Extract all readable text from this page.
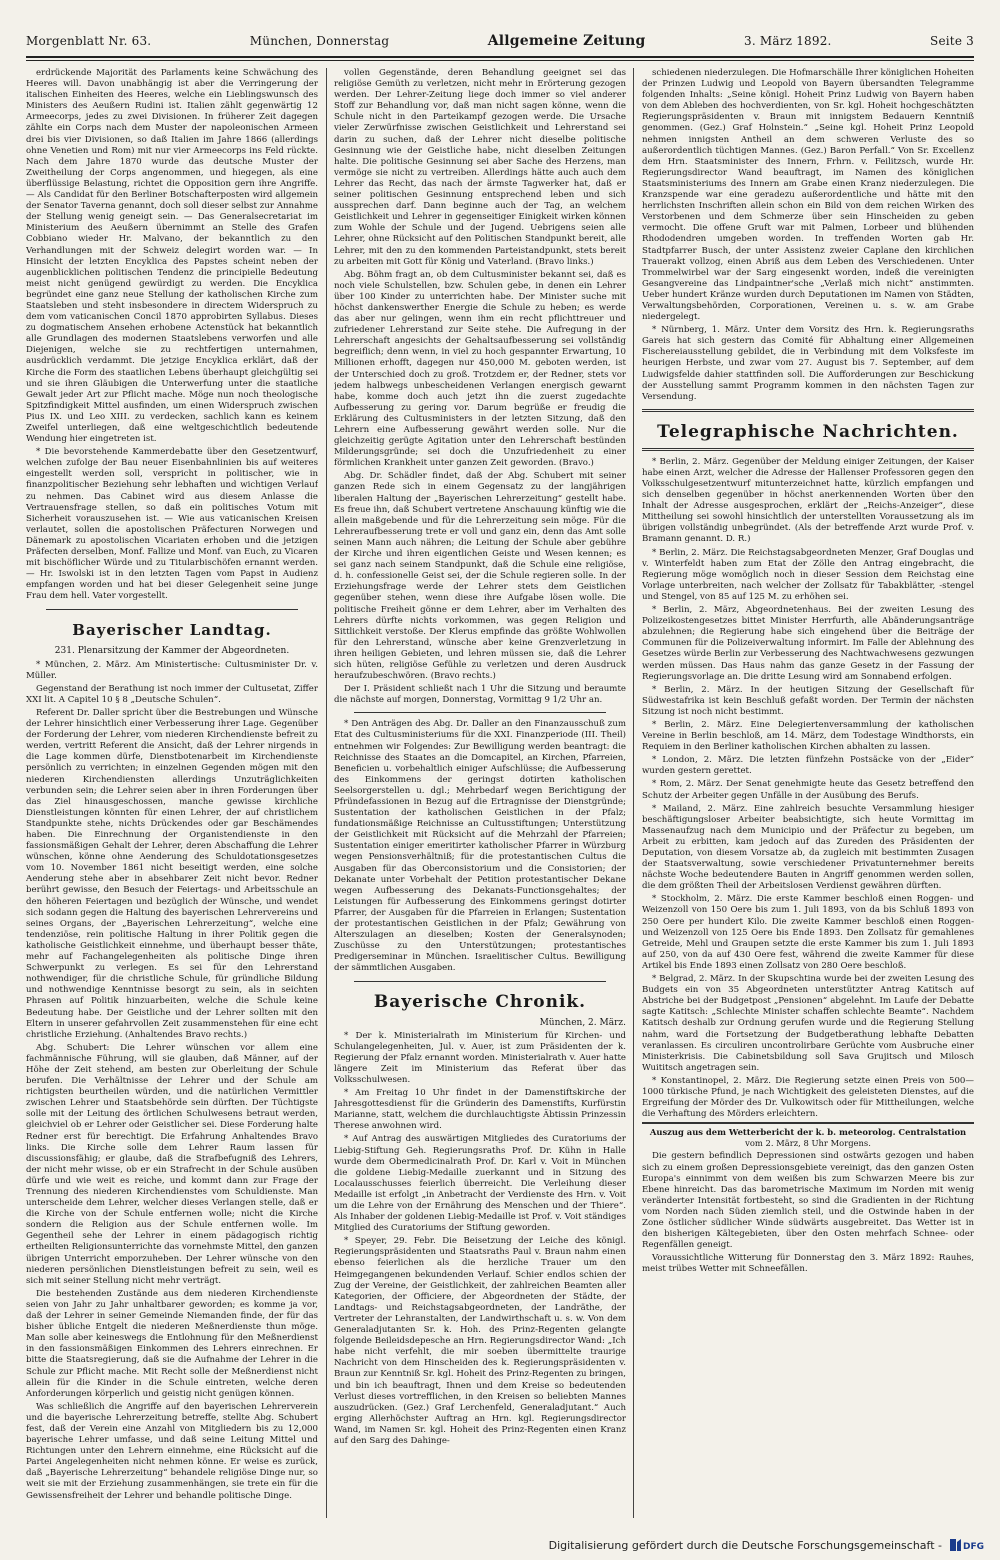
Morgenblatt Nr. 63.	München, Donnerstag	Allgemeine Zeitung	3. März 1892.	Seite 3

erdrückende Majorität des Parlaments keine Schwächung des Heeres will. Davon unabhängig ist aber die Verringerung der italischen Einheiten des Heeres, welche ein Lieblingswunsch des Ministers des Aeußern Rudini ist. Italien zählt gegenwärtig 12 Armeecorps, jedes zu zwei Divisionen. In früherer Zeit dagegen zählte ein Corps nach dem Muster der napoleonischen Armeen drei bis vier Divisionen, so daß Italien im Jahre 1866 (allerdings ohne Venetien und Rom) mit nur vier Armeecorps ins Feld rückte. Nach dem Jahre 1870 wurde das deutsche Muster der Zweitheilung der Corps angenommen, und hiegegen, als eine überflüssige Belastung, richtet die Opposition gern ihre Angriffe. — Als Candidat für den Berliner Botschafterposten wird allgemein der Senator Taverna genannt, doch soll dieser selbst zur Annahme der Stellung wenig geneigt sein. — Das Generalsecretariat im Ministerium des Aeußern übernimmt an Stelle des Grafen Cobbiano wieder Hr. Malvano, der bekanntlich zu den Verhandlungen mit der Schweiz delegirt worden war. — In Hinsicht der letzten Encyklica des Papstes scheint neben der augenblicklichen politischen Tendenz die principielle Bedeutung meist nicht genügend gewürdigt zu werden. Die Encyklica begründet eine ganz neue Stellung der katholischen Kirche zum Staatsleben und steht insbesondere in directem Widerspruch zu dem vom vaticanischen Concil 1870 approbirten Syllabus. Dieses zu dogmatischem Ansehen erhobene Actenstück hat bekanntlich alle Grundlagen des modernen Staatslebens verworfen und alle Diejenigen, welche sie zu rechtfertigen unternahmen, ausdrücklich verdammt. Die jetzige Encyklica erklärt, daß der Kirche die Form des staatlichen Lebens überhaupt gleichgültig sei und sie ihren Gläubigen die Unterwerfung unter die staatliche Gewalt jeder Art zur Pflicht mache. Möge nun noch theologische Spitzfindigkeit Mittel ausfinden, um einen Widerspruch zwischen Pius IX. und Leo XIII. zu verdecken, sachlich kann es keinem Zweifel unterliegen, daß eine weltgeschichtlich bedeutende Wendung hier eingetreten ist.

* Die bevorstehende Kammerdebatte über den Gesetzentwurf, welchen zufolge der Bau neuer Eisenbahnlinien bis auf weiteres eingestellt werden soll, verspricht in politischer, wie in finanzpolitischer Beziehung sehr lebhaften und wichtigen Verlauf zu nehmen. Das Cabinet wird aus diesem Anlasse die Vertrauensfrage stellen, so daß ein politisches Votum mit Sicherheit vorauszusehen ist. — Wie aus vaticanischen Kreisen verlautet, sollen die apostolischen Präfecturen Norwegen und Dänemark zu apostolischen Vicariaten erhoben und die jetzigen Präfecten derselben, Monf. Fallize und Monf. van Euch, zu Vicaren mit bischöflicher Würde und zu Titularbischöfen ernannt werden. — Hr. Iswolski ist in den letzten Tagen vom Papst in Audienz empfangen worden und hat bei dieser Gelegenheit seine junge Frau dem hell. Vater vorgestellt.

Bayerischer Landtag.
231. Plenarsitzung der Kammer der Abgeordneten.

* München, 2. März. Am Ministertische: Cultusminister Dr. v. Müller.

Gegenstand der Berathung ist noch immer der Cultusetat, Ziffer XXI lit. A Capitel 10 § 8 „Deutsche Schulen“.

Referent Dr. Daller spricht über die Bestrebungen und Wünsche der Lehrer hinsichtlich einer Verbesserung ihrer Lage. Gegenüber der Forderung der Lehrer, vom niederen Kirchendienste befreit zu werden, vertritt Referent die Ansicht, daß der Lehrer nirgends in die Lage kommen dürfe, Dienstbotenarbeit im Kirchendienste persönlich zu verrichten; in einzelnen Gegenden mögen mit den niederen Kirchendiensten allerdings Unzuträglichkeiten verbunden sein; die Lehrer seien aber in ihren Forderungen über das Ziel hinausgeschossen, manche gewisse kirchliche Dienstleistungen könnten für einen Lehrer, der auf christlichem Standpunkte stehe, nichts Drückendes oder gar Beschämendes haben. Die Einrechnung der Organistendienste in den fassionsmäßigen Gehalt der Lehrer, deren Abschaffung die Lehrer wünschen, könne ohne Aenderung des Schuldotationsgesetzes vom 10. November 1861 nicht beseitigt werden, eine solche Aenderung stehe aber in absehbarer Zeit nicht bevor. Redner berührt gewisse, den Besuch der Feiertags- und Arbeitsschule an den höheren Feiertagen und bezüglich der Wünsche, und wendet sich sodann gegen die Haltung des bayerischen Lehrervereins und seines Organs, der „Bayerischen Lehrerzeitung“, welche eine tendenziöse, rein politische Haltung in ihrer Politik gegen die katholische Geistlichkeit einnehme, und überhaupt besser thäte, mehr auf Fachangelegenheiten als politische Dinge ihren Schwerpunkt zu verlegen. Es sei für den Lehrerstand nothwendiger, für die christliche Schule, für gründliche Bildung und nothwendige Kenntnisse besorgt zu sein, als in seichten Phrasen auf Politik hinzuarbeiten, welche die Schule keine Bedeutung habe. Der Geistliche und der Lehrer sollten mit den Eltern in unserer gefahrvollen Zeit zusammenstehen für eine echt christliche Erziehung. (Anhaltendes Bravo rechts.)

Abg. Schubert: Die Lehrer wünschen vor allem eine fachmännische Führung, will sie glauben, daß Männer, auf der Höhe der Zeit stehend, am besten zur Oberleitung der Schule berufen. Die Verhältnisse der Lehrer und der Schule am richtigsten beurtheilen würden, und die natürlichen Vermittler zwischen Lehrer und Staatsbehörde sein dürften. Der Tüchtigste solle mit der Leitung des örtlichen Schulwesens betraut werden, gleichviel ob er Lehrer oder Geistlicher sei. Diese Forderung halte Redner erst für berechtigt. Die Erfahrung Anhaltendes Bravo links. Die Kirche solle dem Lehrer Raum lassen für discussionsfähig; er glaube, daß die Strafbefugniß des Lehrers, der nicht mehr wisse, ob er ein Strafrecht in der Schule ausüben dürfe und wie weit es reiche, und kommt dann zur Frage der Trennung des niederen Kirchendienstes vom Schuldienste. Man unterscheide dem Lehrer, welcher dieses Verlangen stelle, daß er die Kirche von der Schule entfernen wolle; nicht die Kirche sondern die Religion aus der Schule entfernen wolle. Im Gegentheil sehe der Lehrer in einem pädagogisch richtig ertheilten Religionsunterrichte das vornehmste Mittel, den ganzen übrigen Unterricht emporzuheben. Der Lehrer wünsche von den niederen persönlichen Dienstleistungen befreit zu sein, weil es sich mit seiner Stellung nicht mehr verträgt.

Die bestehenden Zustände aus dem niederen Kirchendienste seien von Jahr zu Jahr unhaltbarer geworden; es komme ja vor, daß der Lehrer in seiner Gemeinde Niemanden finde, der für das bisher übliche Entgelt die niederen Meßnerdienste thun möge. Man solle aber keineswegs die Entlohnung für den Meßnerdienst in den fassionsmäßigen Einkommen des Lehrers einrechnen. Er bitte die Staatsregierung, daß sie die Aufnahme der Lehrer in die Schule zur Pflicht mache. Mit Recht solle der Meßnerdienst nicht allein für die Kinder in die Schule eintreten, welche deren Anforderungen körperlich und geistig nicht genügen können.

Was schließlich die Angriffe auf den bayerischen Lehrerverein und die bayerische Lehrerzeitung betreffe, stellte Abg. Schubert fest, daß der Verein eine Anzahl von Mitgliedern bis zu 12,000 bayerische Lehrer umfasse, und daß seine Leitung Mittel und Richtungen unter den Lehrern einnehme, eine Rücksicht auf die Partei Angelegenheiten nicht nehmen könne. Er weise es zurück, daß „Bayerische Lehrerzeitung“ behandele religiöse Dinge nur, so weit sie mit der Erziehung zusammenhängen, sie trete ein für die Gewissensfreiheit der Lehrer und behandle politische Dinge.

vollen Gegenstände, deren Behandlung geeignet sei das religiöse Gemüth zu verletzen, nicht mehr in Erörterung gezogen werden. Der Lehrer-Zeitung liege doch immer so viel anderer Stoff zur Behandlung vor, daß man nicht sagen könne, wenn die Schule nicht in den Parteikampf gezogen werde. Die Ursache vieler Zerwürfnisse zwischen Geistlichkeit und Lehrerstand sei darin zu suchen, daß der Lehrer nicht dieselbe politische Gesinnung wie der Geistliche habe, nicht dieselben Zeitungen halte. Die politische Gesinnung sei aber Sache des Herzens, man vermöge sie nicht zu vertreiben. Allerdings hätte auch auch dem Lehrer das Recht, das nach der ärmste Tagwerker hat, daß er seiner politischen Gesinnung entsprechend leben und sich aussprechen darf. Dann beginne auch der Tag, an welchem Geistlichkeit und Lehrer in gegenseitiger Einigkeit wirken können zum Wohle der Schule und der Jugend. Uebrigens seien alle Lehrer, ohne Rücksicht auf den Politischen Standpunkt bereit, alle Lehrer, mit den zu den kommenden Parteistandpunkt, stets bereit zu arbeiten mit Gott für König und Vaterland. (Bravo links.)

Abg. Böhm fragt an, ob dem Cultusminister bekannt sei, daß es noch viele Schulstellen, bzw. Schulen gebe, in denen ein Lehrer über 100 Kinder zu unterrichten habe. Der Minister suche mit höchst dankenswerther Energie die Schule zu heben; es werde das aber nur gelingen, wenn ihm ein recht pflichttreuer und zufriedener Lehrerstand zur Seite stehe. Die Aufregung in der Lehrerschaft angesichts der Gehaltsaufbesserung sei vollständig begreiflich; denn wenn, in viel zu hoch gespannter Erwartung, 10 Millionen erhofft, dagegen nur 450,000 M. geboten werden, ist der Unterschied doch zu groß. Trotzdem er, der Redner, stets vor jedem halbwegs unbescheidenen Verlangen energisch gewarnt habe, komme doch auch jetzt ihn die zuerst zugedachte Aufbesserung zu gering vor. Darum begrüße er freudig die Erklärung des Cultusministers in der letzten Sitzung, daß den Lehrern eine Aufbesserung gewährt werden solle. Nur die gleichzeitig gerügte Agitation unter den Lehrerschaft bestünden Milderungsgründe; sei doch die Unzufriedenheit zu einer förmlichen Krankheit unter ganzen Zeit geworden. (Bravo.)

Abg. Dr. Schädler findet, daß der Abg. Schubert mit seiner ganzen Rede sich in einem Gegensatz zu der langjährigen liberalen Haltung der „Bayerischen Lehrerzeitung“ gestellt habe. Es freue ihn, daß Schubert vertretene Anschauung künftig wie die allein maßgebende und für die Lehrerzeitung sein möge. Für die Lehreraufbesserung trete er voll und ganz ein, denn das Amt solle seinen Mann auch nähren; die Leitung der Schule aber gebühre der Kirche und ihren eigentlichen Geiste und Wesen kennen; es sei ganz nach seinem Standpunkt, daß die Schule eine religiöse, d. h. confessionelle Geist sei, der die Schule regieren solle. In der Erziehungsfrage werde der Lehrer stets dem Geistlichen gegenüber stehen, wenn diese ihre Aufgabe lösen wolle. Die politische Freiheit gönne er dem Lehrer, aber im Verhalten des Lehrers dürfte nichts vorkommen, was gegen Religion und Sittlichkeit verstoße. Der Klerus empfinde das größte Wohlwollen für den Lehrerstand, wünsche aber keine Grenzverletzung in ihren heiligen Gebieten, und lehren müssen sie, daß die Lehrer sich hüten, religiöse Gefühle zu verletzen und deren Ausdruck heraufzubeschwören. (Bravo rechts.)

Der I. Präsident schließt nach 1 Uhr die Sitzung und beraumte die nächste auf morgen, Donnerstag, Vormittag 9 1/2 Uhr an.

* Den Anträgen des Abg. Dr. Daller an den Finanzausschuß zum Etat des Cultusministeriums für die XXI. Finanzperiode (III. Theil) entnehmen wir Folgendes: Zur Bewilligung werden beantragt: die Reichnisse des Staates an die Domcapitel, an Kirchen, Pfarreien, Beneficien u. vorbehaltlich einiger Aufschlüsse; die Aufbesserung des Einkommens der geringst dotirten katholischen Seelsorgerstellen u. dgl.; Mehrbedarf wegen Berichtigung der Pfründefassionen in Bezug auf die Ertragnisse der Dienstgründe; Sustentation der katholischen Geistlichen in der Pfalz; fundationsmäßige Reichnisse an Cultusstiftungen; Unterstützung der Geistlichkeit mit Rücksicht auf die Mehrzahl der Pfarreien; Sustentation einiger emeritirter katholischer Pfarrer in Würzburg wegen Pensionsverhältniß; für die protestantischen Cultus die Ausgaben für das Oberconsistorium und die Consistorien; der Dekanate unter Vorbehalt der Petition protestantischer Dekane wegen Aufbesserung des Dekanats-Functionsgehaltes; der Leistungen für Aufbesserung des Einkommens geringst dotirter Pfarrer, der Ausgaben für die Pfarreien in Erlangen; Sustentation der protestantischen Geistlichen in der Pfalz; Gewährung von Alterszulagen an dieselben; Kosten der Generalsynoden; Zuschüsse zu den Unterstützungen; protestantisches Predigerseminar in München. Israelitischer Cultus. Bewilligung der sämmtlichen Ausgaben.

Bayerische Chronik.
München, 2. März.

* Der k. Ministerialrath im Ministerium für Kirchen- und Schulangelegenheiten, Jul. v. Auer, ist zum Präsidenten der k. Regierung der Pfalz ernannt worden. Ministerialrath v. Auer hatte längere Zeit im Ministerium das Referat über das Volksschulwesen.

* Am Freitag 10 Uhr findet in der Damenstiftskirche der Jahresgottesdienst für die Gründerin des Damenstifts, Kurfürstin Marianne, statt, welchem die durchlauchtigste Äbtissin Prinzessin Therese anwohnen wird.

* Auf Antrag des auswärtigen Mitgliedes des Curatoriums der Liebig-Stiftung Geh. Regierungsraths Prof. Dr. Kühn in Halle wurde dem Obermedicinalrath Prof. Dr. Karl v. Voit in München die goldene Liebig-Medaille zuerkannt und in Sitzung des Localausschusses feierlich überreicht. Die Verleihung dieser Medaille ist erfolgt „in Anbetracht der Verdienste des Hrn. v. Voit um die Lehre von der Ernährung des Menschen und der Thiere“. Als Inhaber der goldenen Liebig-Medaille ist Prof. v. Voit ständiges Mitglied des Curatoriums der Stiftung geworden.

* Speyer, 29. Febr. Die Beisetzung der Leiche des königl. Regierungspräsidenten und Staatsraths Paul v. Braun nahm einen ebenso feierlichen als die herzliche Trauer um den Heimgegangenen bekundenden Verlauf. Schier endlos schien der Zug der Vereine, der Geistlichkeit, der zahlreichen Beamten aller Kategorien, der Officiere, der Abgeordneten der Städte, der Landtags- und Reichstagsabgeordneten, der Landräthe, der Vertreter der Lehranstalten, der Landwirthschaft u. s. w. Von dem Generaladjutanten Sr. k. Hoh. des Prinz-Regenten gelangte folgende Beileidsdepesche an Hrn. Regierungsdirector Wand: „Ich habe nicht verfehlt, die mir soeben übermittelte traurige Nachricht von dem Hinscheiden des k. Regierungspräsidenten v. Braun zur Kenntniß Sr. kgl. Hoheit des Prinz-Regenten zu bringen, und bin ich beauftragt, Ihnen und dem Kreise so bedeutenden Verlust dieses vortrefflichen, in den Kreisen so beliebten Mannes auszudrücken. (Gez.) Graf Lerchenfeld, Generaladjutant.“ Auch erging Allerhöchster Auftrag an Hrn. kgl. Regierungsdirector Wand, im Namen Sr. kgl. Hoheit des Prinz-Regenten einen Kranz auf den Sarg des Dahinge-

schiedenen niederzulegen. Die Hofmarschälle Ihrer königlichen Hoheiten der Prinzen Ludwig und Leopold von Bayern übersandten Telegramme folgenden Inhalts: „Seine königl. Hoheit Prinz Ludwig von Bayern haben von dem Ableben des hochverdienten, von Sr. kgl. Hoheit hochgeschätzten Regierungspräsidenten v. Braun mit innigstem Bedauern Kenntniß genommen. (Gez.) Graf Holnstein.“ „Seine kgl. Hoheit Prinz Leopold nehmen innigsten Antheil an dem schweren Verluste des so außerordentlich tüchtigen Mannes. (Gez.) Baron Perfall.“ Von Sr. Excellenz dem Hrn. Staatsminister des Innern, Frhrn. v. Feilitzsch, wurde Hr. Regierungsdirector Wand beauftragt, im Namen des königlichen Staatsministeriums des Innern am Grabe einen Kranz niederzulegen. Die Kranzspende war eine geradezu außerordentliche und hätte mit den herrlichsten Inschriften allein schon ein Bild von dem reichen Wirken des Verstorbenen und dem Schmerze über sein Hinscheiden zu geben vermocht. Die offene Gruft war mit Palmen, Lorbeer und blühenden Rhododendren umgeben worden. In treffenden Worten gab Hr. Stadtpfarrer Busch, der unter Assistenz zweier Caplane den kirchlichen Trauerakt vollzog, einen Abriß aus dem Leben des Verschiedenen. Unter Trommelwirbel war der Sarg eingesenkt worden, indeß die vereinigten Gesangvereine das Lindpaintner'sche „Verlaß mich nicht“ anstimmten. Ueber hundert Kränze wurden durch Deputationen im Namen von Städten, Verwaltungsbehörden, Corporationen, Vereinen u. s. w. am Grabe niedergelegt.

* Nürnberg, 1. März. Unter dem Vorsitz des Hrn. k. Regierungsraths Gareis hat sich gestern das Comité für Abhaltung einer Allgemeinen Fischereiausstellung gebildet, die in Verbindung mit dem Volksfeste im heurigen Herbste, und zwar vom 27. August bis 7. September, auf dem Ludwigsfelde dahier stattfinden soll. Die Aufforderungen zur Beschickung der Ausstellung sammt Programm kommen in den nächsten Tagen zur Versendung.

Telegraphische Nachrichten.

* Berlin, 2. März. Gegenüber der Meldung einiger Zeitungen, der Kaiser habe einen Arzt, welcher die Adresse der Hallenser Professoren gegen den Volksschulgesetzentwurf mitunterzeichnet hatte, kürzlich empfangen und sich denselben gegenüber in höchst anerkennenden Worten über den Inhalt der Adresse ausgesprochen, erklärt der „Reichs-Anzeiger“, diese Mittheilung sei sowohl hinsichtlich der unterstellten Voraussetzung als im übrigen vollständig unbegründet. (Als der betreffende Arzt wurde Prof. v. Bramann genannt. D. R.)

* Berlin, 2. März. Die Reichstagsabgeordneten Menzer, Graf Douglas und v. Winterfeldt haben zum Etat der Zölle den Antrag eingebracht, die Regierung möge womöglich noch in dieser Session dem Reichstag eine Vorlage unterbreiten, nach welcher der Zollsatz für Tabakblätter, -stengel und Stengel, von 85 auf 125 M. zu erhöhen sei.

* Berlin, 2. März, Abgeordnetenhaus. Bei der zweiten Lesung des Polizeikostengesetzes bittet Minister Herrfurth, alle Abänderungsanträge abzulehnen; die Regierung habe sich eingehend über die Beiträge der Communen für die Polizeiverwaltung informirt. Im Falle der Ablehnung des Gesetzes würde Berlin zur Verbesserung des Nachtwachwesens gezwungen werden müssen. Das Haus nahm das ganze Gesetz in der Fassung der Regierungsvorlage an. Die dritte Lesung wird am Sonnabend erfolgen.

* Berlin, 2. März. In der heutigen Sitzung der Gesellschaft für Südwestafrika ist kein Beschluß gefaßt worden. Der Termin der nächsten Sitzung ist noch nicht bestimmt.

* Berlin, 2. März. Eine Delegiertenversammlung der katholischen Vereine in Berlin beschloß, am 14. März, dem Todestage Windthorsts, ein Requiem in den Berliner katholischen Kirchen abhalten zu lassen.

* London, 2. März. Die letzten fünfzehn Postsäcke von der „Eider“ wurden gestern gerettet.

* Rom, 2. März. Der Senat genehmigte heute das Gesetz betreffend den Schutz der Arbeiter gegen Unfälle in der Ausübung des Berufs.

* Mailand, 2. März. Eine zahlreich besuchte Versammlung hiesiger beschäftigungsloser Arbeiter beabsichtigte, sich heute Vormittag im Massenaufzug nach dem Municipio und der Präfectur zu begeben, um Arbeit zu erbitten, kam jedoch auf das Zureden des Präsidenten der Deputation, von diesem Vorsatze ab, da zugleich mit bestimmten Zusagen der Staatsverwaltung, sowie verschiedener Privatunternehmer bereits nächste Woche bedeutendere Bauten in Angriff genommen werden sollen, die dem größten Theil der Arbeitslosen Verdienst gewähren dürften.

* Stockholm, 2. März. Die erste Kammer beschloß einen Roggen- und Weizenzoll von 150 Oere bis zum 1. Juli 1893, von da bis Schluß 1893 von 250 Oere per hundert Kilo. Die zweite Kammer beschloß einen Roggen- und Weizenzoll von 125 Oere bis Ende 1893. Den Zollsatz für gemahlenes Getreide, Mehl und Graupen setzte die erste Kammer bis zum 1. Juli 1893 auf 250, von da auf 430 Oere fest, während die zweite Kammer für diese Artikel bis Ende 1893 einen Zollsatz von 280 Oere beschloß.

* Belgrad, 2. März. In der Skupschtina wurde bei der zweiten Lesung des Budgets ein von 35 Abgeordneten unterstützter Antrag Katitsch auf Abstriche bei der Budgetpost „Pensionen“ abgelehnt. Im Laufe der Debatte sagte Katitsch: „Schlechte Minister schaffen schlechte Beamte“. Nachdem Katitsch deshalb zur Ordnung gerufen wurde und die Regierung Stellung nahm, ward die Fortsetzung der Budgetberathung lebhafte Debatten veranlassen. Es circuliren uncontrolirbare Gerüchte vom Ausbruche einer Ministerkrisis. Die Cabinetsbildung soll Sava Grujitsch und Milosch Wuititsch angetragen sein.

* Konstantinopel, 2. März. Die Regierung setzte einen Preis von 500—1000 türkische Pfund, je nach Wichtigkeit des geleisteten Dienstes, auf die Ergreifung der Mörder des Dr. Vulkowitsch oder für Mittheilungen, welche die Verhaftung des Mörders erleichtern.

Auszug aus dem Wetterbericht der k. b. meteorolog. Centralstation
vom 2. März, 8 Uhr Morgens.

Die gestern befindlich Depressionen sind ostwärts gezogen und haben sich zu einem großen Depressionsgebiete vereinigt, das den ganzen Osten Europa's einnimmt von dem weißen bis zum Schwarzen Meere bis zur Ebene hinreicht. Das das barometrische Maximum im Norden mit wenig veränderter Intensität fortbesteht, so sind die Gradienten in der Richtung vom Norden nach Süden ziemlich steil, und die Ostwinde haben in der Zone östlicher südlicher Winde südwärts ausgebreitet. Das Wetter ist in den bisherigen Kältegebieten, über den Osten mehrfach Schnee- oder Regenfällen geneigt.

Voraussichtliche Witterung für Donnerstag den 3. März 1892: Rauhes, meist trübes Wetter mit Schneefällen.

Digitalisierung gefördert durch die Deutsche Forschungsgemeinschaft - DFG
